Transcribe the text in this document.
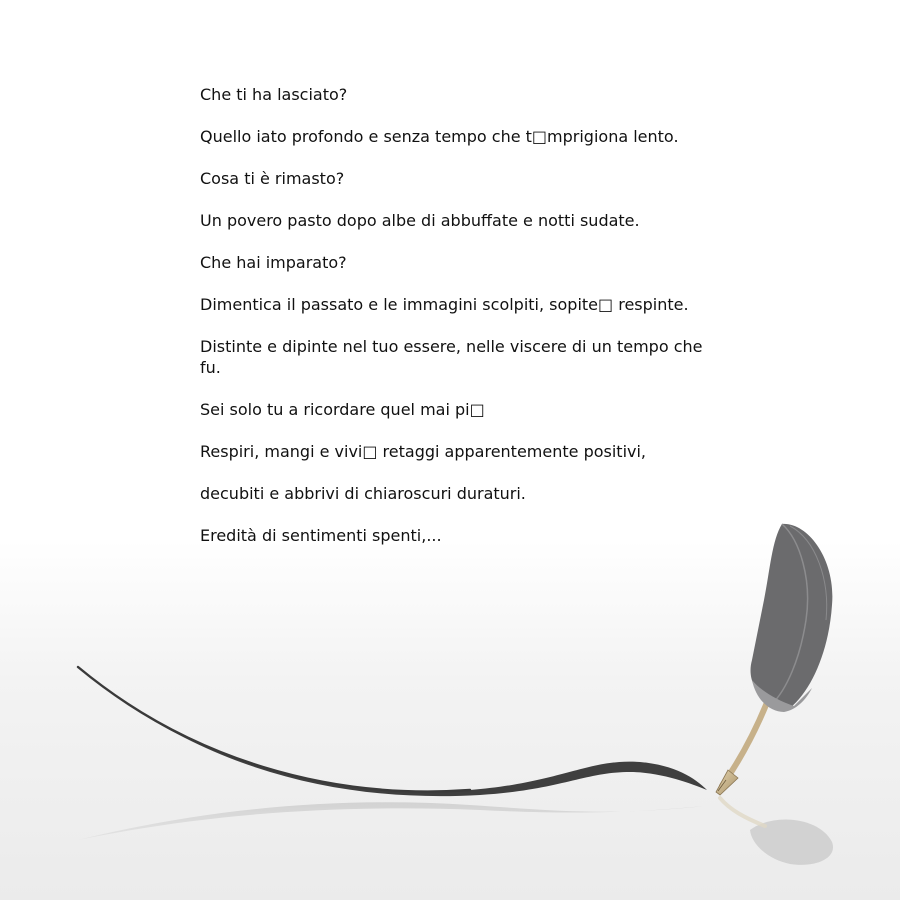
Che ti ha lasciato?

Quello iato profondo e senza tempo che t□mprigiona lento.

Cosa ti è rimasto?

Un povero pasto dopo albe di abbuffate e notti sudate.

Che hai imparato?

Dimentica il passato e le immagini scolpiti, sopite□ respinte.

Distinte e dipinte nel tuo essere, nelle viscere di un tempo che fu.

Sei solo tu a ricordare quel mai pi□

Respiri, mangi e vivi□ retaggi apparentemente positivi,

decubiti e abbrivi di chiaroscuri duraturi.

Eredità di sentimenti spenti,...
